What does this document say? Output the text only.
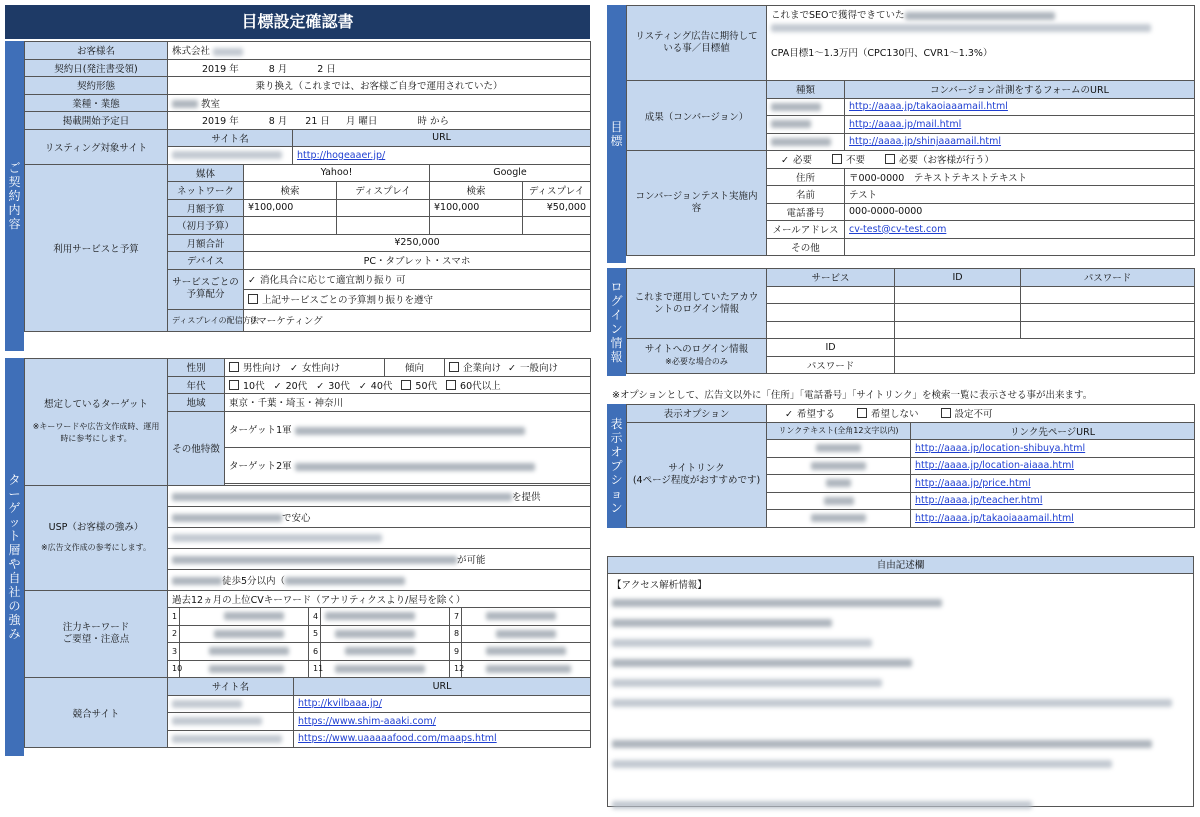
目標設定確認書
ご契約内容
お客様名	株式会社	
契約日(発注書受領)	2019 年 8 月 2 日	
契約形態	乗り換え（これまでは、お客様ご自身で運用されていた）	
業種・業態	教室	
掲載開始予定日	2019 年 8 月 21 日 月 曜日 時 から	
リスティング対象サイト	サイト名	URL
		http://hogeaaer.jp/
利用サービスと予算	媒体	Yahoo!		Google	
	ネットワーク	検索	ディスプレイ	検索	ディスプレイ
	月額予算	¥100,000		¥100,000	¥50,000
	（初月予算）				
	月額合計	¥250,000			
	デバイス	PC・タブレット・スマホ			
	サービスごとの予算配分	✓ 消化具合に応じて適宜割り振り 可
		上記サービスごとの予算割り振りを遵守			
	ディスプレイの配信方法	リマーケティング			
ターゲット層や自社の強み
想定しているターゲット
※キーワードや広告文作成時、運用時に参考にします。	性別	男性向け ✓ 女性向け	傾向	企業向け ✓ 一般向け
	年代	10代 ✓ 20代 ✓ 30代 ✓ 40代 50代 60代以上
	地域	東京・千葉・埼玉・神奈川		
	その他特徴	ターゲット1軍		
		ターゲット2軍		

USP（お客様の強み）
※広告文作成の参考にします。
	を提供
で安心

が可能
徒歩5分以内（
注力キーワード
ご要望・注意点	過去12ヵ月の上位CVキーワード（アナリティクスより/屋号を除く）					
	1		4		7	
	2		5		8	
	3		6		9	
	10		11		12	
競合サイト	サイト名	URL
		http://kvilbaaa.jp/
		https://www.shim-aaaki.com/
		https://www.uaaaaafood.com/maaps.html
目標
リスティング広告に期待している事／目標値	
これまでSEOで獲得できていた
CPA目標1～1.3万円（CPC130円、CVR1～1.3%）
成果（コンバージョン）	種類	コンバージョン計測をするフォームのURL
		http://aaaa.jp/takaoiaaamail.html
		http://aaaa.jp/mail.html
		http://aaaa.jp/shinjaaamail.html
コンバージョンテスト実施内容	✓ 必要 不要 必要（お客様が行う）
	住所	〒000-0000　テキストテキストテキスト
	名前	テスト
	電話番号	000-0000-0000
	メールアドレス	cv-test@cv-test.com
	その他	
ログイン情報
これまで運用していたアカウントのログイン情報	サービス	ID	パスワード

サイトへのログイン情報
※必要な場合のみ	ID		
	パスワード		
※オプションとして、広告文以外に「住所」「電話番号」「サイトリンク」を検索一覧に表示させる事が出来ます。
表示オプション
表示オプション	✓希望する 希望しない 設定不可

サイトリンク
(4ページ程度がおすすめです)	リンクテキスト(全角12文字以内)	リンク先ページURL
		http://aaaa.jp/location-shibuya.html
		http://aaaa.jp/location-aiaaa.html
		http://aaaa.jp/price.html
		http://aaaa.jp/teacher.html
		http://aaaa.jp/takaoiaaamail.html
自由記述欄
【アクセス解析情報】
